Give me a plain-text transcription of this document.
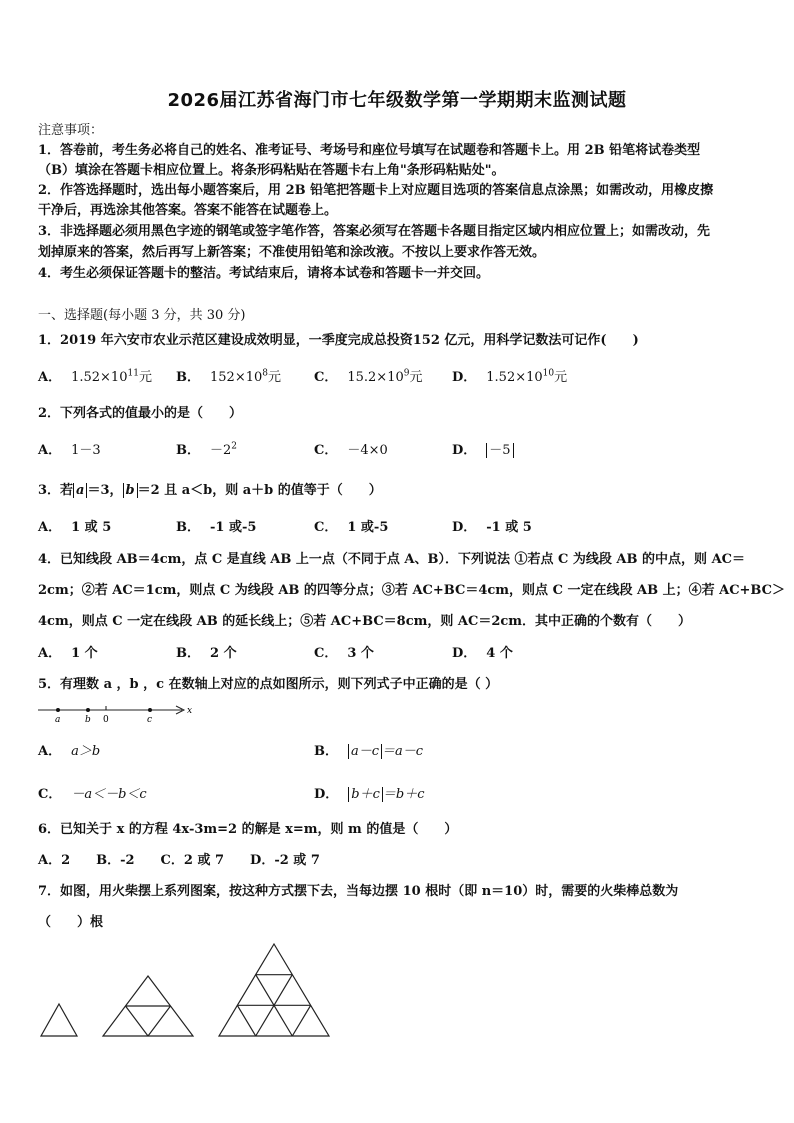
2026届江苏省海门市七年级数学第一学期期末监测试题
注意事项：
1．答卷前，考生务必将自己的姓名、准考证号、考场号和座位号填写在试题卷和答题卡上。用 2B 铅笔将试卷类型
（B）填涂在答题卡相应位置上。将条形码粘贴在答题卡右上角"条形码粘贴处"。
2．作答选择题时，选出每小题答案后，用 2B 铅笔把答题卡上对应题目选项的答案信息点涂黑；如需改动，用橡皮擦
干净后，再选涂其他答案。答案不能答在试题卷上。
3．非选择题必须用黑色字迹的钢笔或签字笔作答，答案必须写在答题卡各题目指定区域内相应位置上；如需改动，先
划掉原来的答案，然后再写上新答案；不准使用铅笔和涂改液。不按以上要求作答无效。
4．考生必须保证答题卡的整洁。考试结束后，请将本试卷和答题卡一并交回。
一、选择题(每小题 3 分，共 30 分)
1．2019 年六安市农业示范区建设成效明显，一季度完成总投资152 亿元，用科学记数法可记作(　　)
A． $1.52\times 10^{11}$元 B． $152\times 10^8$元	C． $15.2\times 10^9$元 D． $1.52\times 10^{10}$元
2．下列各式的值最小的是（　　）
A． 1－3	B． $-2^2$	C． －4×0	D． －5
3．若 a ＝3， b ＝2 且 a＜b，则 a＋b 的值等于（　　）
A． 1 或 5	B． -1 或-5	C． 1 或-5	D． -1 或 5
4．已知线段 AB＝4cm，点 C 是直线 AB 上一点（不同于点 A、B）．下列说法 ①若点 C 为线段 AB 的中点，则 AC＝
2cm；②若 AC＝1cm，则点 C 为线段 AB 的四等分点；③若 AC+BC＝4cm，则点 C 一定在线段 AB 上；④若 AC+BC＞
4cm，则点 C 一定在线段 AB 的延长线上；⑤若 AC+BC＝8cm，则 AC＝2cm．其中正确的个数有（　　）
A． 1 个	B． 2 个	C． 3 个	D． 4 个
5．有理数 a ，b ，c 在数轴上对应的点如图所示，则下列式子中正确的是（ ）
a	b 0	c
x
A． a＞b	B． a－c ＝a－c
C． －a＜－b＜c	D． b＋c ＝b＋c
6．已知关于 x 的方程 4x-3m=2 的解是 x=m，则 m 的值是（　　）
A．2　　B．-2　　C．2 或 7　　D．-2 或 7
7．如图，用火柴摆上系列图案，按这种方式摆下去，当每边摆 10 根时（即 n＝10）时，需要的火柴棒总数为
（　　）根
